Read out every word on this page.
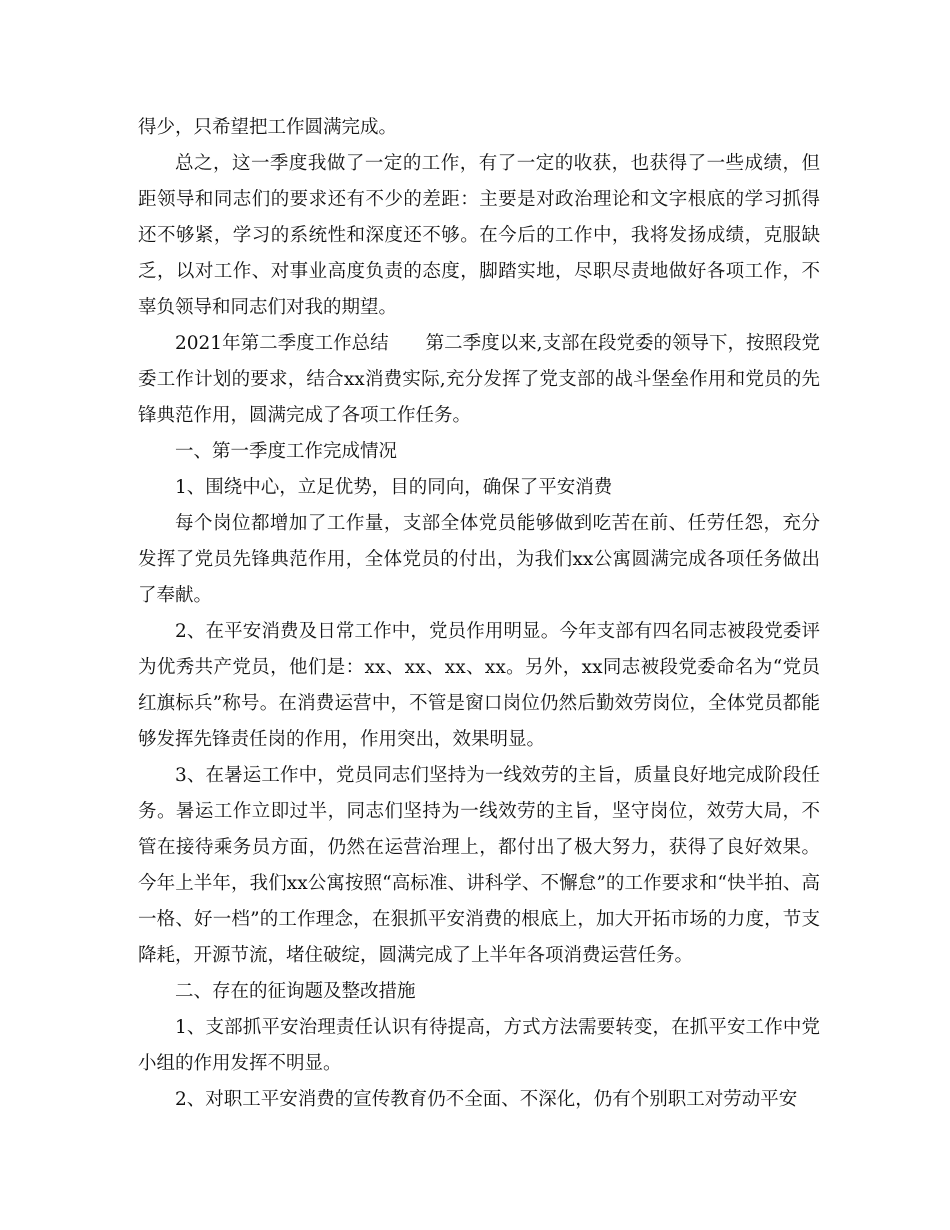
得少，只希望把工作圆满完成。

总之，这一季度我做了一定的工作，有了一定的收获，也获得了一些成绩，但距领导和同志们的要求还有不少的差距：主要是对政治理论和文字根底的学习抓得还不够紧，学习的系统性和深度还不够。在今后的工作中，我将发扬成绩，克服缺乏，以对工作、对事业高度负责的态度，脚踏实地，尽职尽责地做好各项工作，不辜负领导和同志们对我的期望。

2021年第二季度工作总结　　第二季度以来,支部在段党委的领导下，按照段党委工作计划的要求，结合xx消费实际,充分发挥了党支部的战斗堡垒作用和党员的先锋典范作用，圆满完成了各项工作任务。

一、第一季度工作完成情况

1、围绕中心，立足优势，目的同向，确保了平安消费

每个岗位都增加了工作量，支部全体党员能够做到吃苦在前、任劳任怨，充分发挥了党员先锋典范作用，全体党员的付出，为我们xx公寓圆满完成各项任务做出了奉献。

2、在平安消费及日常工作中，党员作用明显。今年支部有四名同志被段党委评为优秀共产党员，他们是：xx、xx、xx、xx。另外，xx同志被段党委命名为“党员红旗标兵”称号。在消费运营中，不管是窗口岗位仍然后勤效劳岗位，全体党员都能够发挥先锋责任岗的作用，作用突出，效果明显。

3、在暑运工作中，党员同志们坚持为一线效劳的主旨，质量良好地完成阶段任务。暑运工作立即过半，同志们坚持为一线效劳的主旨，坚守岗位，效劳大局，不管在接待乘务员方面，仍然在运营治理上，都付出了极大努力，获得了良好效果。今年上半年，我们xx公寓按照“高标准、讲科学、不懈怠”的工作要求和“快半拍、高一格、好一档”的工作理念，在狠抓平安消费的根底上，加大开拓市场的力度，节支降耗，开源节流，堵住破绽，圆满完成了上半年各项消费运营任务。

二、存在的征询题及整改措施

1、支部抓平安治理责任认识有待提高，方式方法需要转变，在抓平安工作中党小组的作用发挥不明显。

2、对职工平安消费的宣传教育仍不全面、不深化，仍有个别职工对劳动平安
